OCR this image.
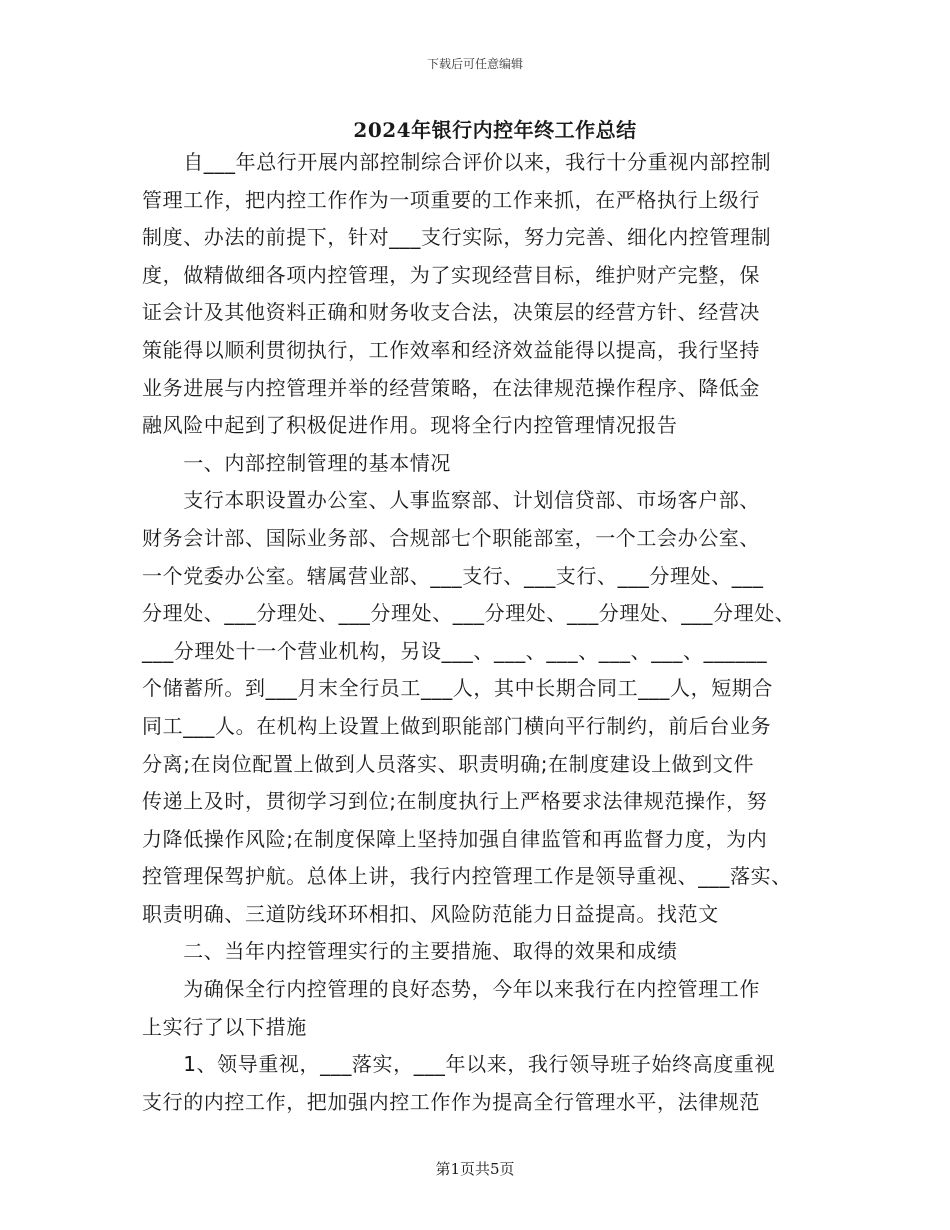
下载后可任意编辑
2024年银行内控年终工作总结

　　自___年总行开展内部控制综合评价以来，我行十分重视内部控制

管理工作，把内控工作作为一项重要的工作来抓，在严格执行上级行

制度、办法的前提下，针对___支行实际，努力完善、细化内控管理制

度，做精做细各项内控管理，为了实现经营目标，维护财产完整，保

证会计及其他资料正确和财务收支合法，决策层的经营方针、经营决

策能得以顺利贯彻执行，工作效率和经济效益能得以提高，我行坚持

业务进展与内控管理并举的经营策略，在法律规范操作程序、降低金

融风险中起到了积极促进作用。现将全行内控管理情况报告

　　一、内部控制管理的基本情况

　　支行本职设置办公室、人事监察部、计划信贷部、市场客户部、

财务会计部、国际业务部、合规部七个职能部室，一个工会办公室、

一个党委办公室。辖属营业部、___支行、___支行、___分理处、___

分理处、___分理处、___分理处、___分理处、___分理处、___分理处、

___分理处十一个营业机构，另设___、___、___、___、___、______

个储蓄所。到___月末全行员工___人，其中长期合同工___人，短期合

同工___人。在机构上设置上做到职能部门横向平行制约，前后台业务

分离;在岗位配置上做到人员落实、职责明确;在制度建设上做到文件

传递上及时，贯彻学习到位;在制度执行上严格要求法律规范操作，努

力降低操作风险;在制度保障上坚持加强自律监管和再监督力度，为内

控管理保驾护航。总体上讲，我行内控管理工作是领导重视、___落实、

职责明确、三道防线环环相扣、风险防范能力日益提高。找范文

　　二、当年内控管理实行的主要措施、取得的效果和成绩

　　为确保全行内控管理的良好态势，今年以来我行在内控管理工作

上实行了以下措施

　　1、领导重视，___落实，___年以来，我行领导班子始终高度重视

支行的内控工作，把加强内控工作作为提高全行管理水平，法律规范

第1页共5页
